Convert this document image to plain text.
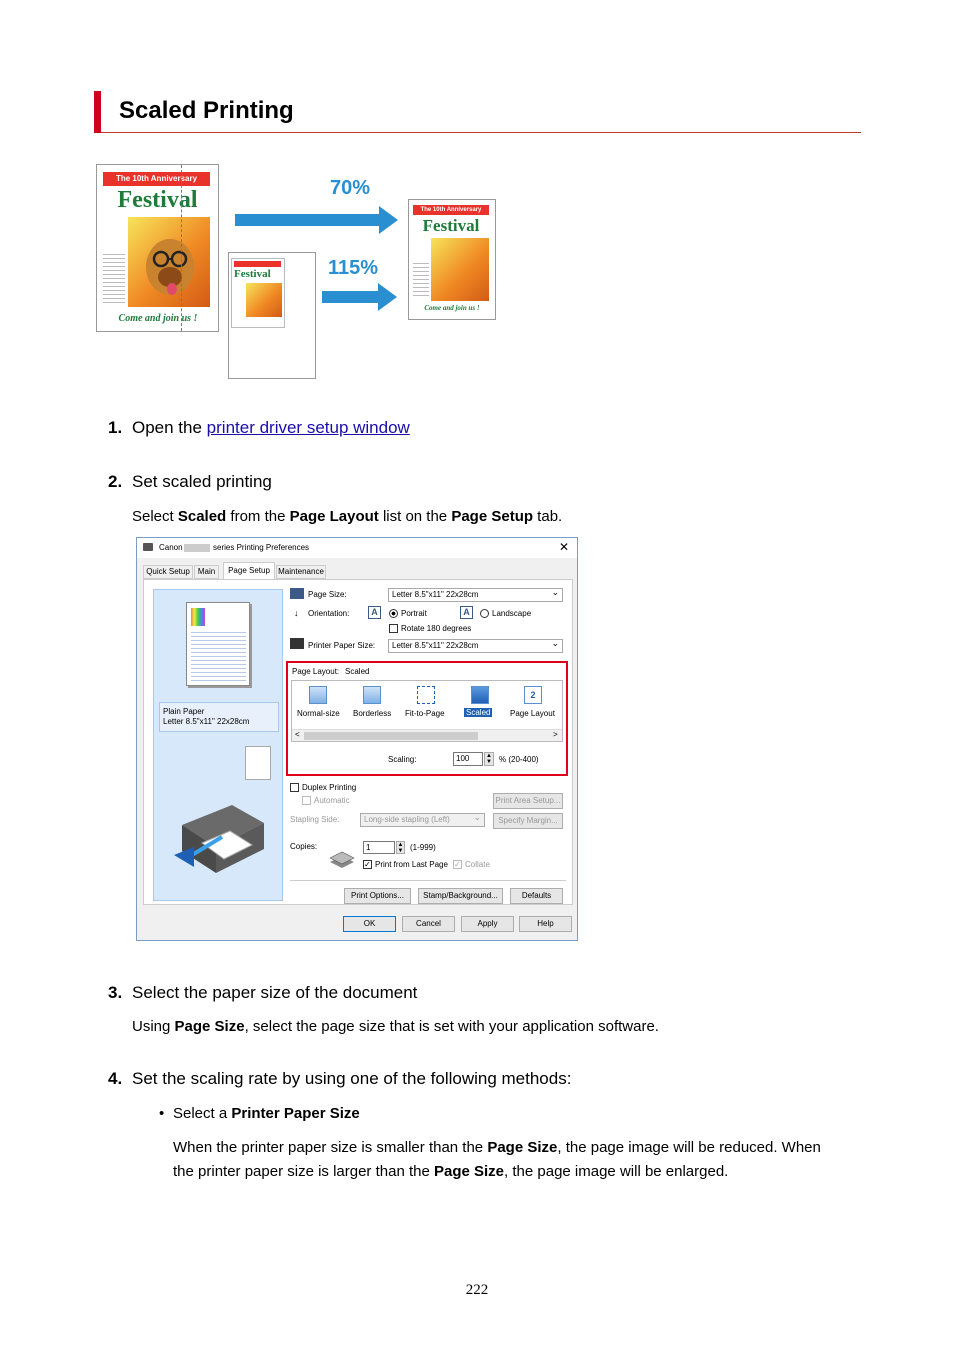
Scaled Printing
The 10th Anniversary
Festival
Come and join us !
Festival
70%
115%
The 10th Anniversary
Festival
Come and join us !
1. Open the printer driver setup window
2. Set scaled printing
Select Scaled from the Page Layout list on the Page Setup tab.
Canon	series Printing Preferences	✕
Quick Setup	Main	Page Setup	Maintenance
Plain Paper
Letter 8.5"x11" 22x28cm
Page Size:	Letter 8.5"x11" 22x28cm ⌄
↓ Orientation:	A	Portrait	A	Landscape
Rotate 180 degrees
Printer Paper Size:	Letter 8.5"x11" 22x28cm ⌄
Page Layout: Scaled
Normal-size Borderless Fit-to-Page	Scaled
2
Page Layout
<	>
Scaling:	100	▲
▼ % (20-400)
Duplex Printing
Automatic	Print Area Setup...
Stapling Side:	Long-side stapling (Left) ⌄	Specify Margin...
Copies:	1	▲
▼ (1-999)
✓ Print from Last Page ✓ Collate
Print Options...	Stamp/Background...	Defaults
OK	Cancel	Apply	Help
3. Select the paper size of the document
Using Page Size, select the page size that is set with your application software.
4. Set the scaling rate by using one of the following methods:
• Select a Printer Paper Size
When the printer paper size is smaller than the Page Size, the page image will be reduced. When
the printer paper size is larger than the Page Size, the page image will be enlarged.
222
